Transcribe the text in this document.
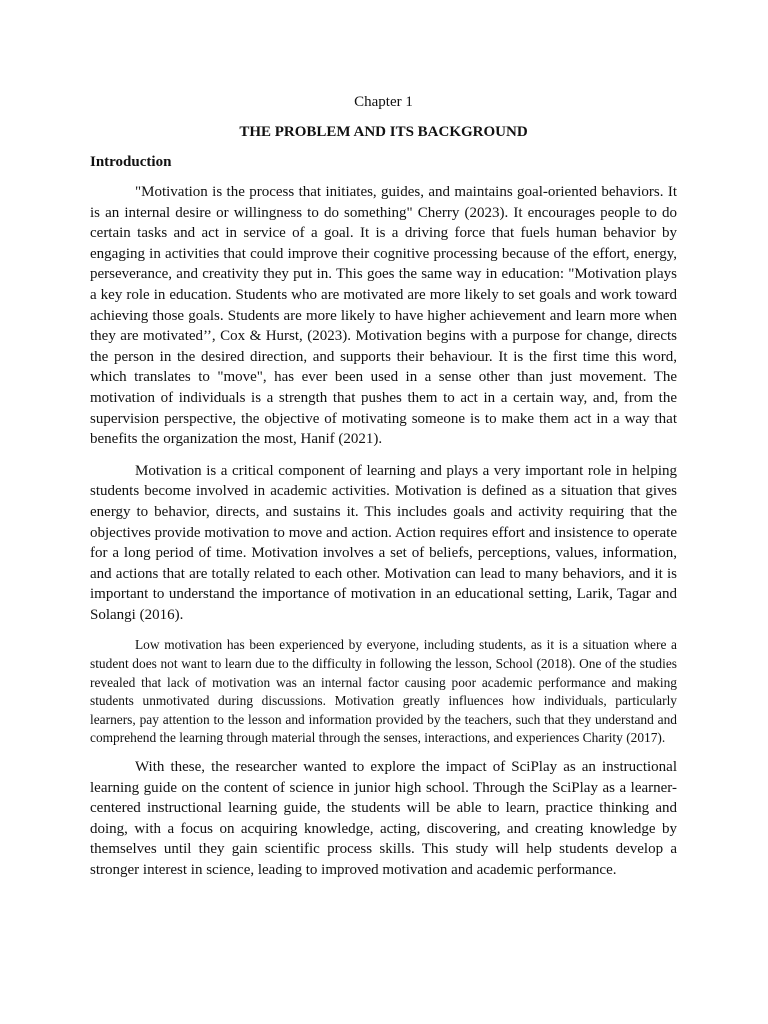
Chapter 1

THE PROBLEM AND ITS BACKGROUND

Introduction

"Motivation is the process that initiates, guides, and maintains goal-oriented behaviors. It is an internal desire or willingness to do something" Cherry (2023). It encourages people to do certain tasks and act in service of a goal. It is a driving force that fuels human behavior by engaging in activities that could improve their cognitive processing because of the effort, energy, perseverance, and creativity they put in. This goes the same way in education: "Motivation plays a key role in education. Students who are motivated are more likely to set goals and work toward achieving those goals. Students are more likely to have higher achievement and learn more when they are motivated’’, Cox & Hurst, (2023). Motivation begins with a purpose for change, directs the person in the desired direction, and supports their behaviour. It is the first time this word, which translates to "move", has ever been used in a sense other than just movement. The motivation of individuals is a strength that pushes them to act in a certain way, and, from the supervision perspective, the objective of motivating someone is to make them act in a way that benefits the organization the most, Hanif (2021).

Motivation is a critical component of learning and plays a very important role in helping students become involved in academic activities. Motivation is defined as a situation that gives energy to behavior, directs, and sustains it. This includes goals and activity requiring that the objectives provide motivation to move and action. Action requires effort and insistence to operate for a long period of time. Motivation involves a set of beliefs, perceptions, values, information, and actions that are totally related to each other. Motivation can lead to many behaviors, and it is important to understand the importance of motivation in an educational setting, Larik, Tagar and Solangi (2016).

Low motivation has been experienced by everyone, including students, as it is a situation where a student does not want to learn due to the difficulty in following the lesson, School (2018). One of the studies revealed that lack of motivation was an internal factor causing poor academic performance and making students unmotivated during discussions. Motivation greatly influences how individuals, particularly learners, pay attention to the lesson and information provided by the teachers, such that they understand and comprehend the learning through material through the senses, interactions, and experiences Charity (2017).

With these, the researcher wanted to explore the impact of SciPlay as an instructional learning guide on the content of science in junior high school. Through the SciPlay as a learner-centered instructional learning guide, the students will be able to learn, practice thinking and doing, with a focus on acquiring knowledge, acting, discovering, and creating knowledge by themselves until they gain scientific process skills. This study will help students develop a stronger interest in science, leading to improved motivation and academic performance.
